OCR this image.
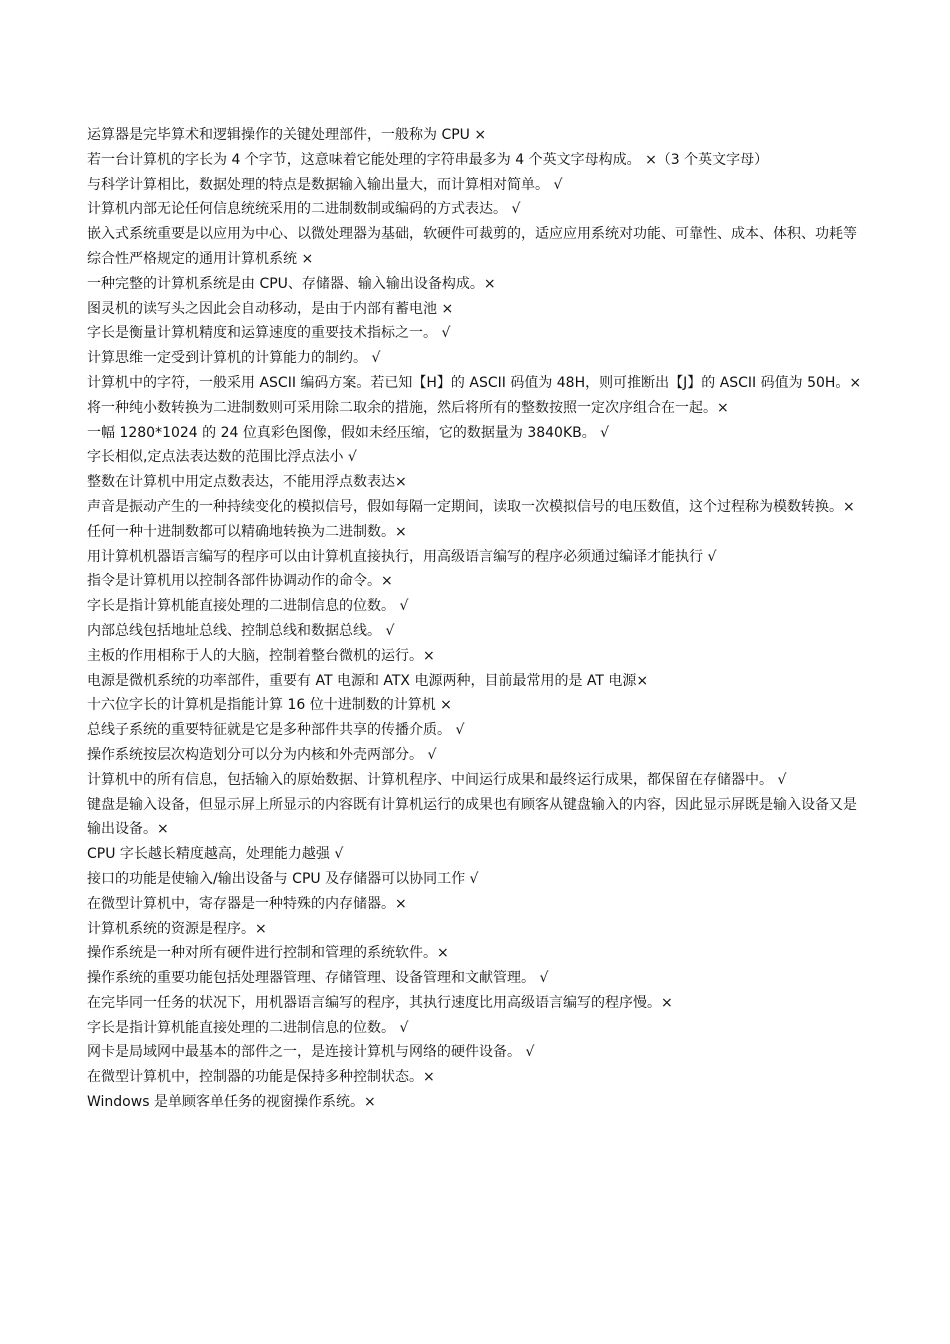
运算器是完毕算术和逻辑操作的关键处理部件，一般称为 CPU ×

若一台计算机的字长为 4 个字节，这意味着它能处理的字符串最多为 4 个英文字母构成。 ×（3 个英文字母）

与科学计算相比，数据处理的特点是数据输入输出量大，而计算相对简单。 √

计算机内部无论任何信息统统采用的二进制数制或编码的方式表达。 √

嵌入式系统重要是以应用为中心、以微处理器为基础，软硬件可裁剪的，适应应用系统对功能、可靠性、成本、体积、功耗等综合性严格规定的通用计算机系统 ×

一种完整的计算机系统是由 CPU、存储器、输入输出设备构成。×

图灵机的读写头之因此会自动移动，是由于内部有蓄电池 ×

字长是衡量计算机精度和运算速度的重要技术指标之一。 √

计算思维一定受到计算机的计算能力的制约。 √

计算机中的字符，一般采用 ASCII 编码方案。若已知【H】的 ASCII 码值为 48H，则可推断出【J】的 ASCII 码值为 50H。×

将一种纯小数转换为二进制数则可采用除二取余的措施，然后将所有的整数按照一定次序组合在一起。×

一幅 1280*1024 的 24 位真彩色图像，假如未经压缩，它的数据量为 3840KB。 √

字长相似,定点法表达数的范围比浮点法小 √

整数在计算机中用定点数表达，不能用浮点数表达×

声音是振动产生的一种持续变化的模拟信号，假如每隔一定期间，读取一次模拟信号的电压数值，这个过程称为模数转换。×

任何一种十进制数都可以精确地转换为二进制数。×

用计算机机器语言编写的程序可以由计算机直接执行，用高级语言编写的程序必须通过编译才能执行 √

指令是计算机用以控制各部件协调动作的命令。×

字长是指计算机能直接处理的二进制信息的位数。 √

内部总线包括地址总线、控制总线和数据总线。 √

主板的作用相称于人的大脑，控制着整台微机的运行。×

电源是微机系统的功率部件，重要有 AT 电源和 ATX 电源两种，目前最常用的是 AT 电源×

十六位字长的计算机是指能计算 16 位十进制数的计算机 ×

总线子系统的重要特征就是它是多种部件共享的传播介质。 √

操作系统按层次构造划分可以分为内核和外壳两部分。 √

计算机中的所有信息，包括输入的原始数据、计算机程序、中间运行成果和最终运行成果，都保留在存储器中。 √

键盘是输入设备，但显示屏上所显示的内容既有计算机运行的成果也有顾客从键盘输入的内容，因此显示屏既是输入设备又是输出设备。×

CPU 字长越长精度越高，处理能力越强 √

接口的功能是使输入/输出设备与 CPU 及存储器可以协同工作 √

在微型计算机中，寄存器是一种特殊的内存储器。×

计算机系统的资源是程序。×

操作系统是一种对所有硬件进行控制和管理的系统软件。×

操作系统的重要功能包括处理器管理、存储管理、设备管理和文献管理。 √

在完毕同一任务的状况下，用机器语言编写的程序，其执行速度比用高级语言编写的程序慢。×

字长是指计算机能直接处理的二进制信息的位数。 √

网卡是局域网中最基本的部件之一，是连接计算机与网络的硬件设备。 √

在微型计算机中，控制器的功能是保持多种控制状态。×

Windows 是单顾客单任务的视窗操作系统。×
